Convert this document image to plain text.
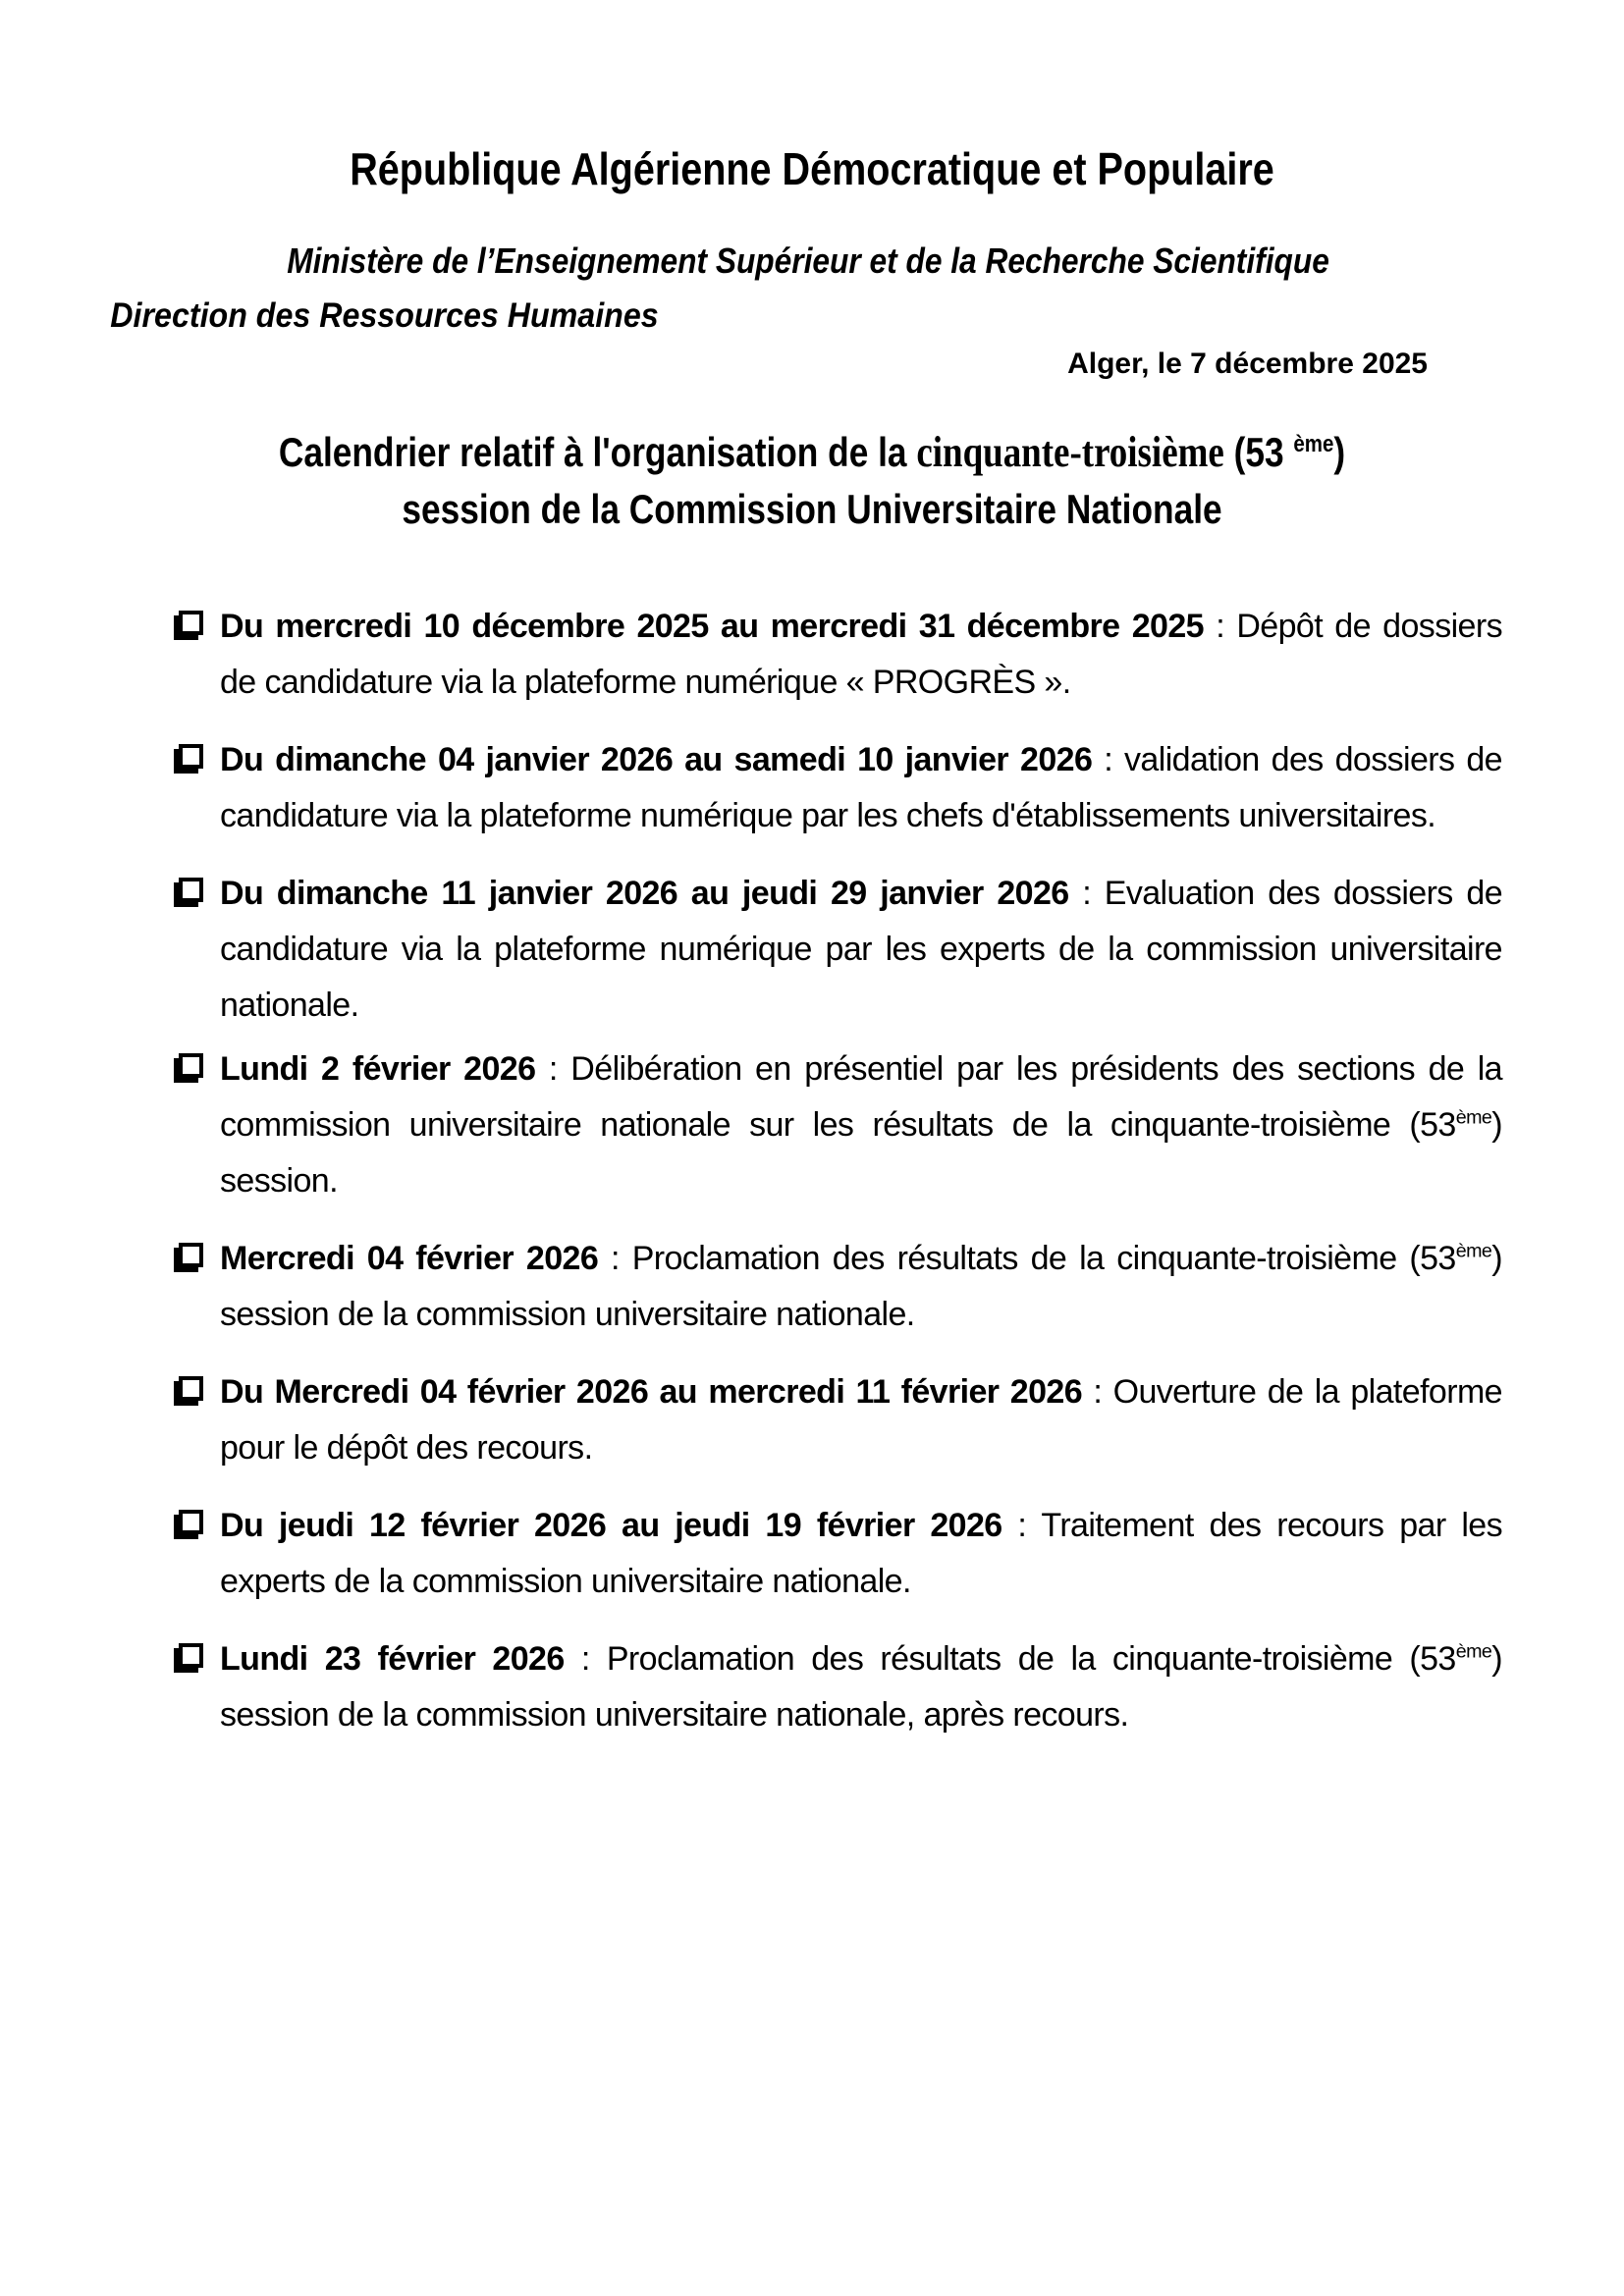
République Algérienne Démocratique et Populaire
Ministère de l’Enseignement Supérieur et de la Recherche Scientifique
Direction des Ressources Humaines
Alger, le 7 décembre 2025
Calendrier relatif à l'organisation de la cinquante-troisième (53 $^{ème}$)
session de la Commission Universitaire Nationale
Du mercredi 10 décembre 2025 au mercredi 31 décembre 2025 : Dépôt de dossiers de candidature via la plateforme numérique « PROGRÈS ».
Du dimanche 04 janvier 2026 au samedi 10 janvier 2026 : validation des dossiers de candidature via la plateforme numérique par les chefs d'établissements universitaires.
Du dimanche 11 janvier 2026 au jeudi 29 janvier 2026 : Evaluation des dossiers de candidature via la plateforme numérique par les experts de la commission universitaire nationale.
Lundi 2 février 2026 : Délibération en présentiel par les présidents des sections de la commission universitaire nationale sur les résultats de la cinquante-troisième (53ème) session.
Mercredi 04 février 2026 : Proclamation des résultats de la cinquante-troisième (53ème) session de la commission universitaire nationale.
Du Mercredi 04 février 2026 au mercredi 11 février 2026 : Ouverture de la plateforme pour le dépôt des recours.
Du jeudi 12 février 2026 au jeudi 19 février 2026 : Traitement des recours par les experts de la commission universitaire nationale.
Lundi 23 février 2026 : Proclamation des résultats de la cinquante-troisième (53ème) session de la commission universitaire nationale, après recours.
